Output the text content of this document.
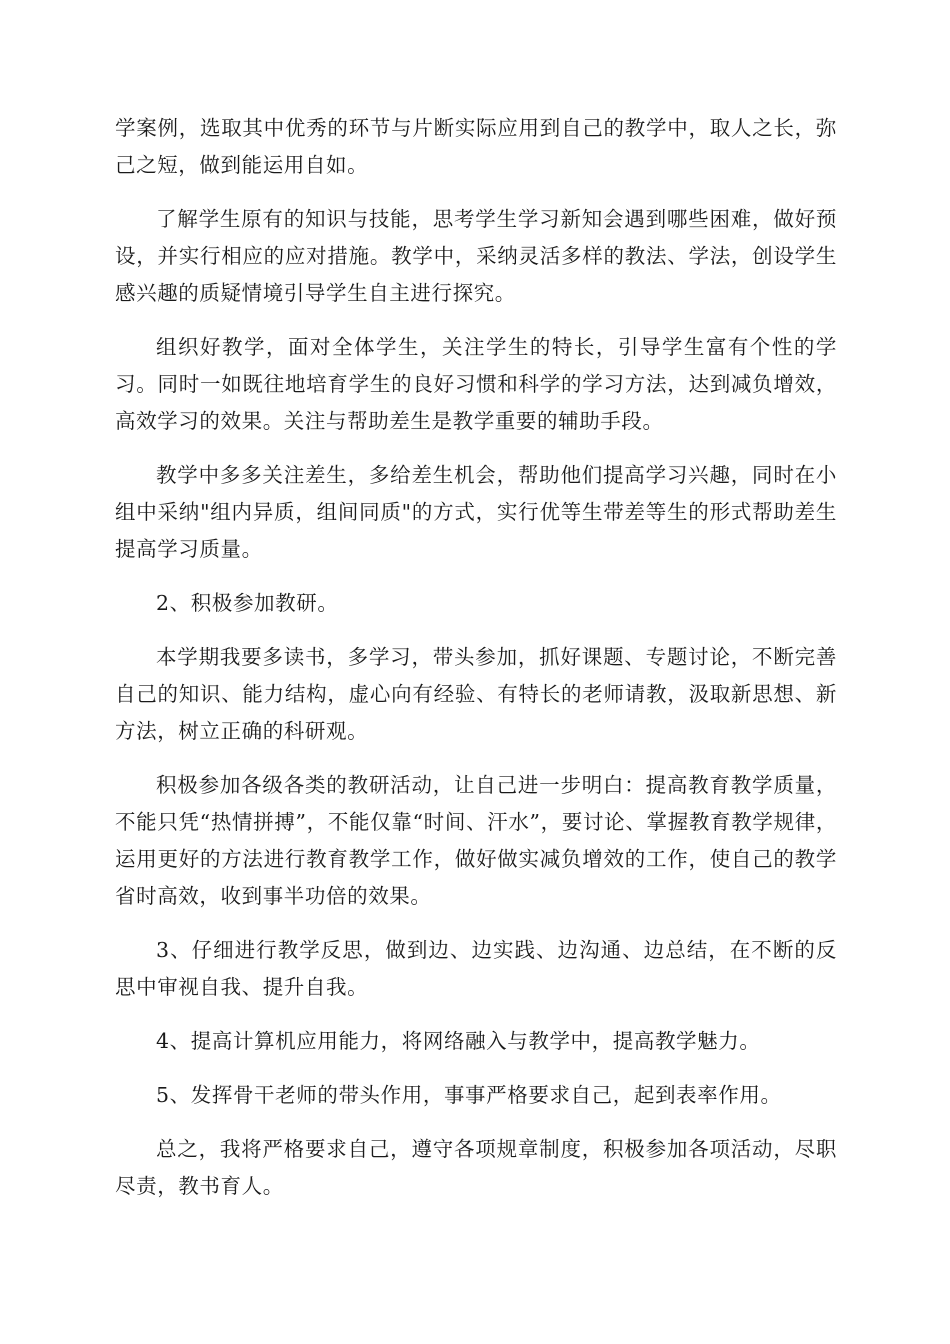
学案例，选取其中优秀的环节与片断实际应用到自己的教学中，取人之长，弥己之短，做到能运用自如。

了解学生原有的知识与技能，思考学生学习新知会遇到哪些困难，做好预设，并实行相应的应对措施。教学中，采纳灵活多样的教法、学法，创设学生感兴趣的质疑情境引导学生自主进行探究。

组织好教学，面对全体学生，关注学生的特长，引导学生富有个性的学习。同时一如既往地培育学生的良好习惯和科学的学习方法，达到减负增效，高效学习的效果。关注与帮助差生是教学重要的辅助手段。

教学中多多关注差生，多给差生机会，帮助他们提高学习兴趣，同时在小组中采纳"组内异质，组间同质"的方式，实行优等生带差等生的形式帮助差生提高学习质量。

2、积极参加教研。

本学期我要多读书，多学习，带头参加，抓好课题、专题讨论，不断完善自己的知识、能力结构，虚心向有经验、有特长的老师请教，汲取新思想、新方法，树立正确的科研观。

积极参加各级各类的教研活动，让自己进一步明白：提高教育教学质量，不能只凭“热情拼搏”，不能仅靠“时间、汗水”，要讨论、掌握教育教学规律，运用更好的方法进行教育教学工作，做好做实减负增效的工作，使自己的教学省时高效，收到事半功倍的效果。

3、仔细进行教学反思，做到边、边实践、边沟通、边总结，在不断的反思中审视自我、提升自我。

4、提高计算机应用能力，将网络融入与教学中，提高教学魅力。

5、发挥骨干老师的带头作用，事事严格要求自己，起到表率作用。

总之，我将严格要求自己，遵守各项规章制度，积极参加各项活动，尽职尽责，教书育人。
